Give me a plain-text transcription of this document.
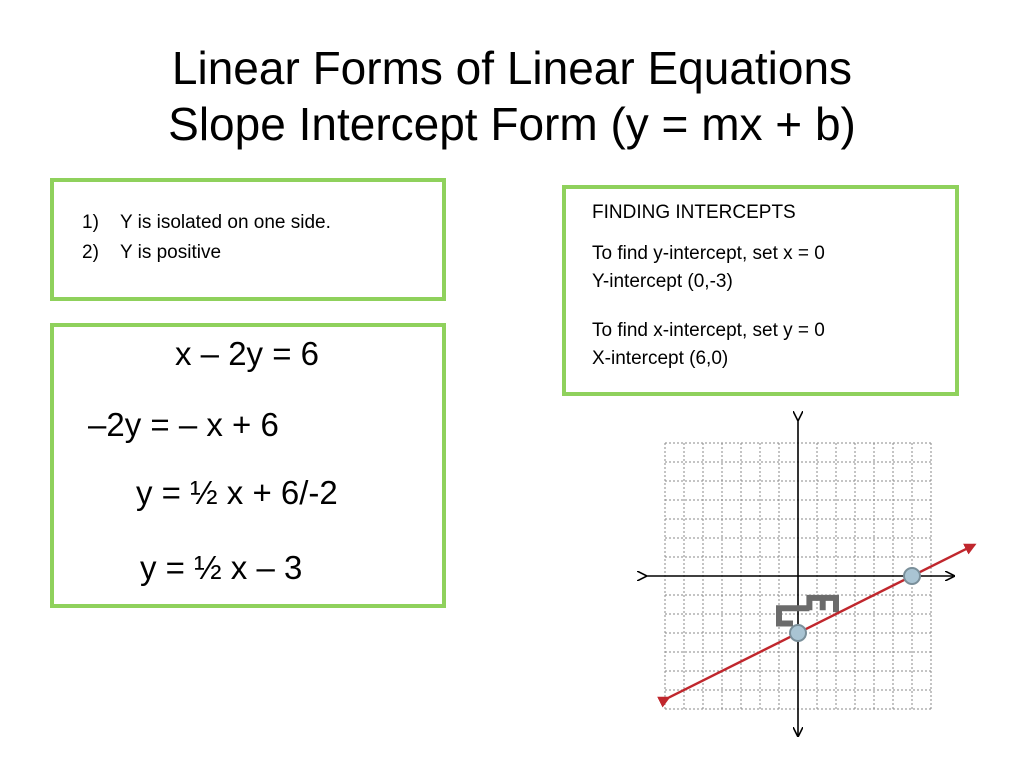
Linear Forms of Linear Equations
Slope Intercept Form (y = mx + b)
1) Y is isolated on one side.
2) Y is positive
x – 2y = 6
–2y = – x + 6
y = ½ x + 6/-2
y = ½ x – 3
FINDING INTERCEPTS
To find y-intercept, set x = 0
Y-intercept (0,-3)
To find x-intercept, set y = 0
X-intercept (6,0)
